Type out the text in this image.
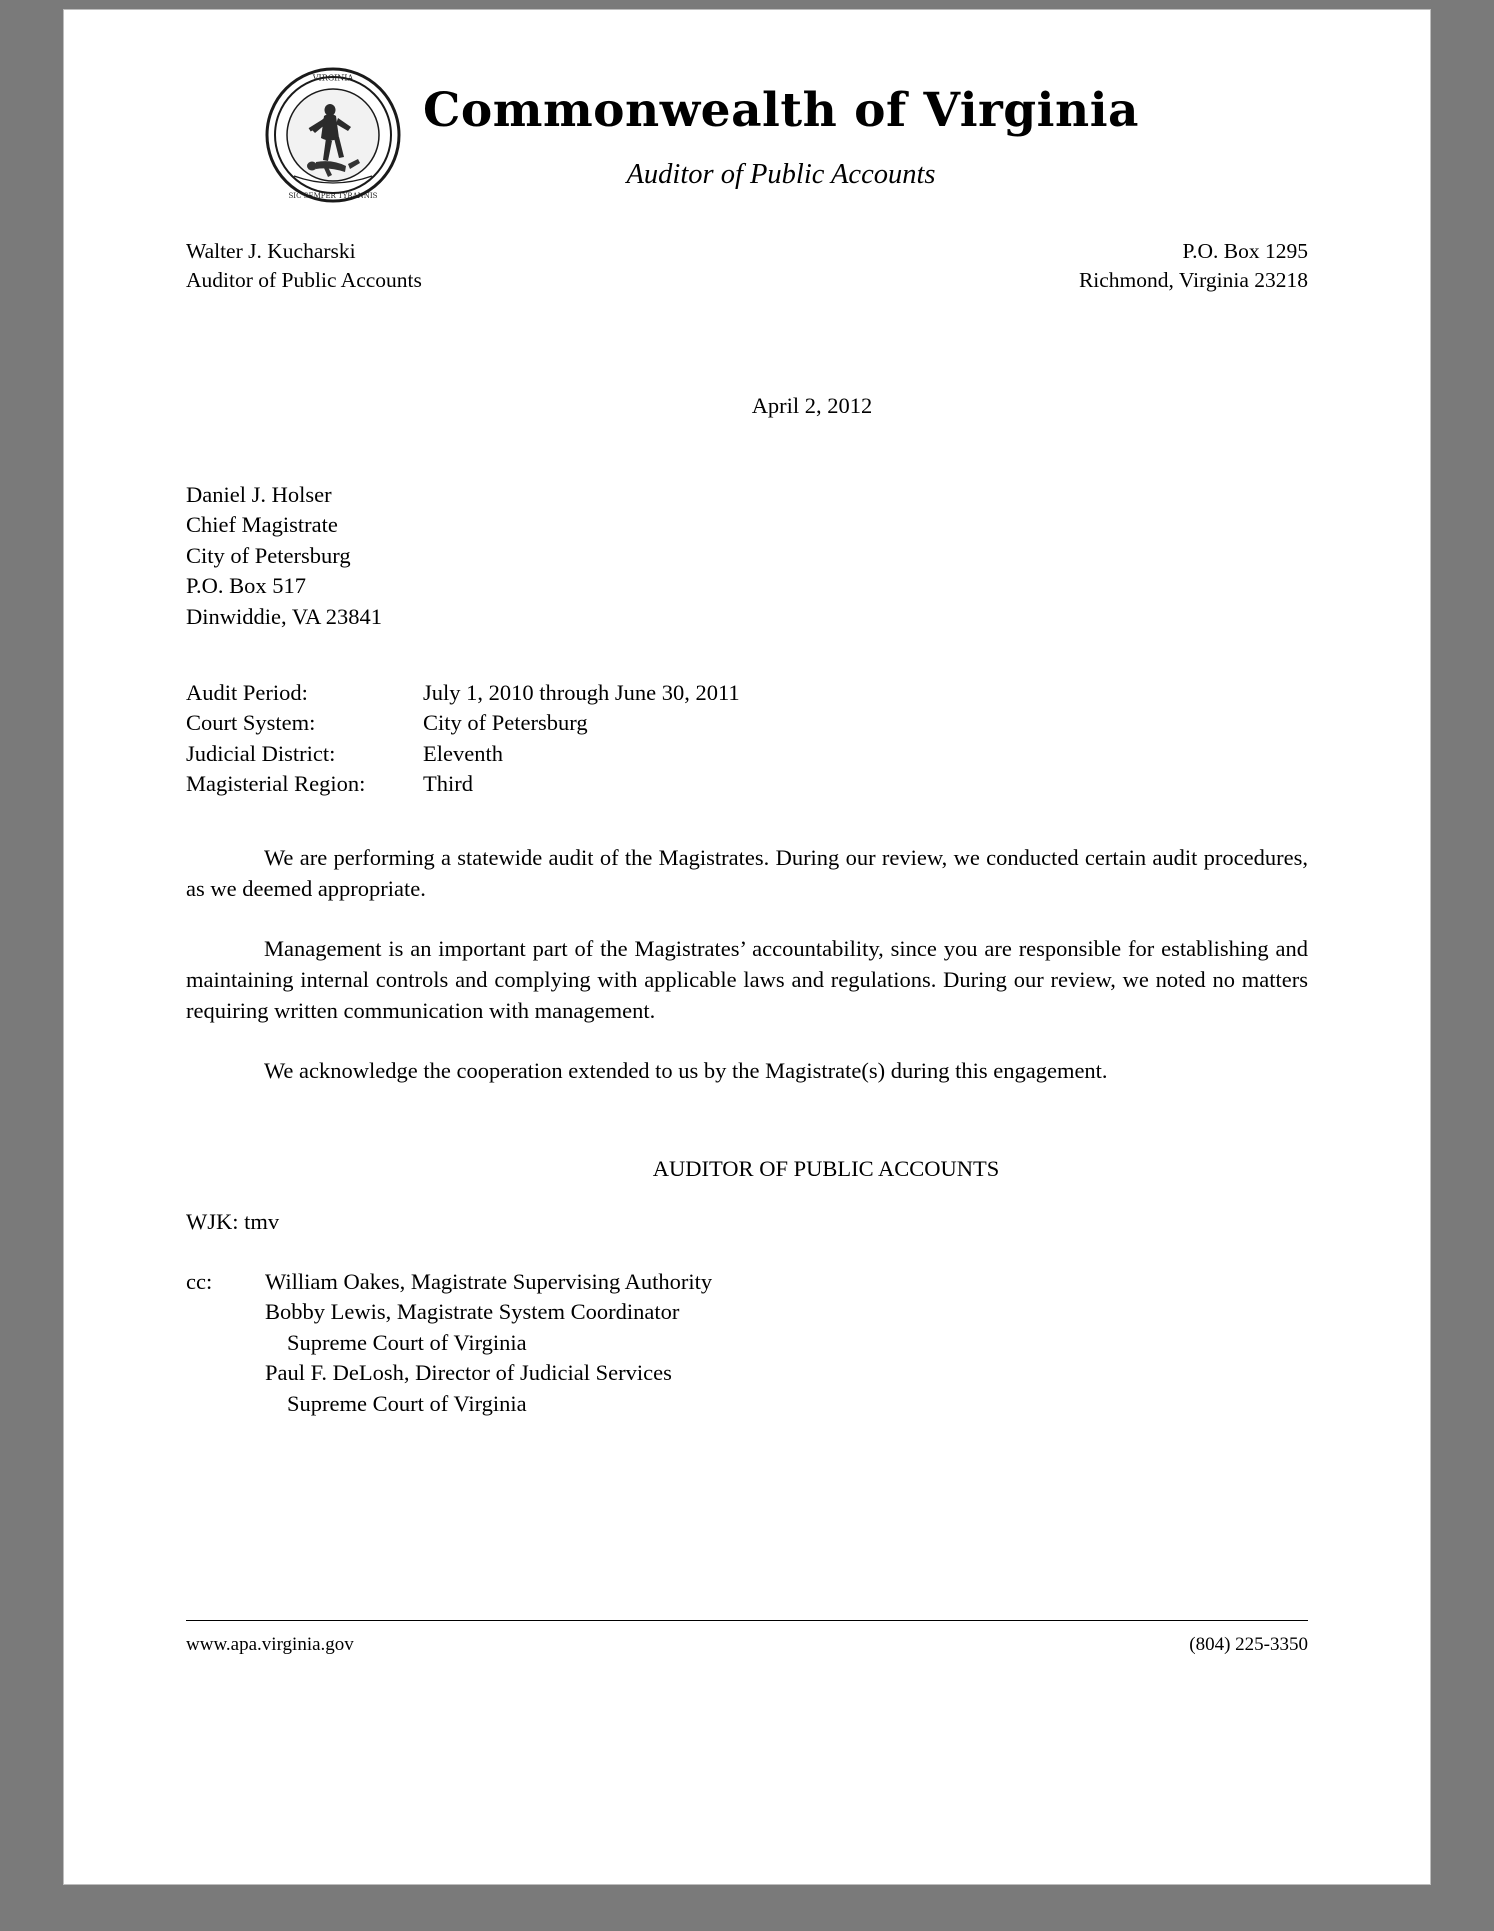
VIRGINIA
SIC SEMPER TYRANNIS
Commonwealth of Virginia
Auditor of Public Accounts
Walter J. Kucharski
Auditor of Public Accounts
P.O. Box 1295
Richmond, Virginia 23218
April 2, 2012
Daniel J. Holser
Chief Magistrate
City of Petersburg
P.O. Box 517
Dinwiddie, VA 23841
Audit Period:	July 1, 2010 through June 30, 2011
Court System:	City of Petersburg
Judicial District:	Eleventh
Magisterial Region:	Third

We are performing a statewide audit of the Magistrates. During our review, we conducted certain audit procedures, as we deemed appropriate.

Management is an important part of the Magistrates’ accountability, since you are responsible for establishing and maintaining internal controls and complying with applicable laws and regulations. During our review, we noted no matters requiring written communication with management.

We acknowledge the cooperation extended to us by the Magistrate(s) during this engagement.

AUDITOR OF PUBLIC ACCOUNTS
WJK: tmv
cc:	William Oakes, Magistrate Supervising Authority
Bobby Lewis, Magistrate System Coordinator
Supreme Court of Virginia
Paul F. DeLosh, Director of Judicial Services
Supreme Court of Virginia
www.apa.virginia.gov	(804) 225-3350
